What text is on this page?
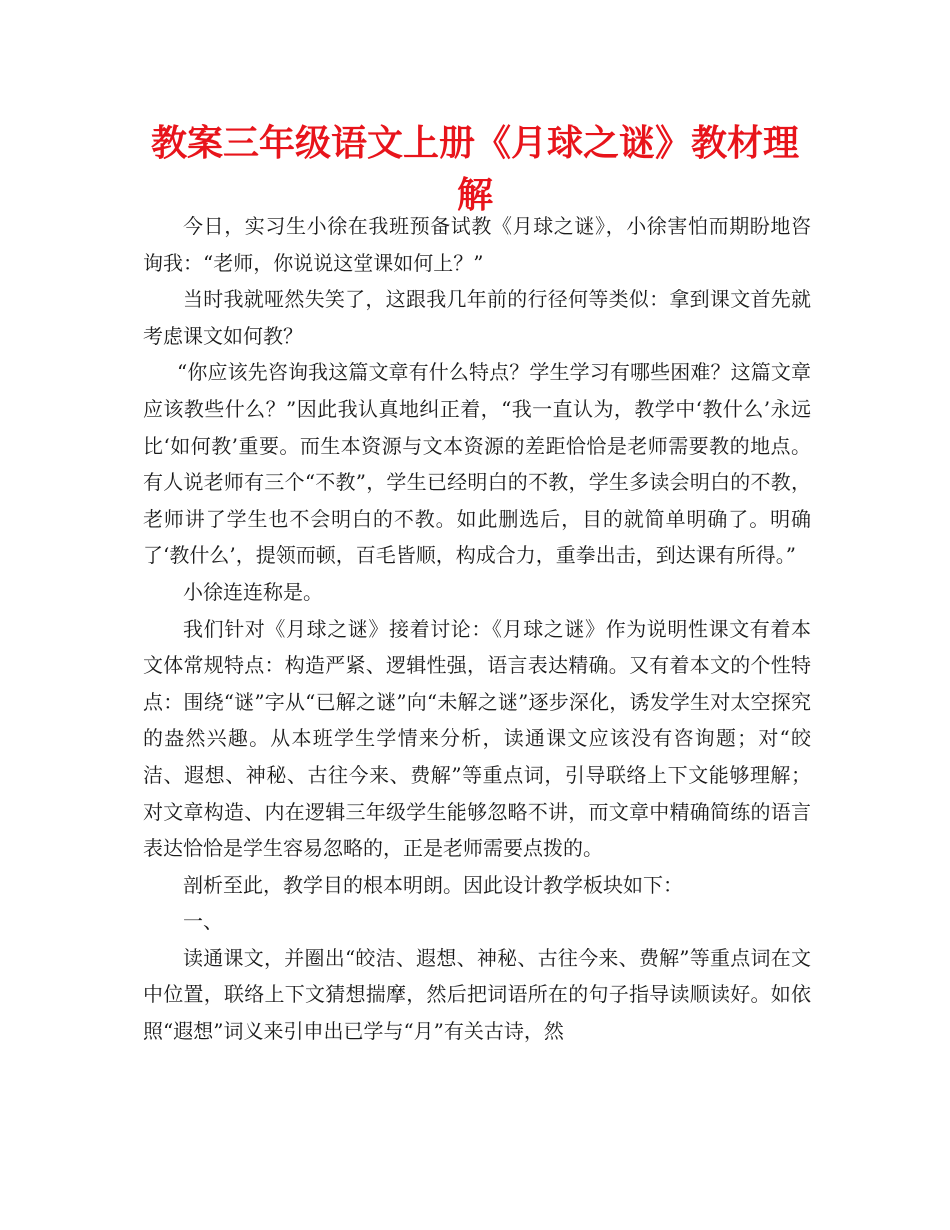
教案三年级语文上册《月球之谜》教材理解

今日，实习生小徐在我班预备试教《月球之谜》，小徐害怕而期盼地咨询我：“老师，你说说这堂课如何上？”

当时我就哑然失笑了，这跟我几年前的行径何等类似：拿到课文首先就考虑课文如何教？

“你应该先咨询我这篇文章有什么特点？学生学习有哪些困难？这篇文章应该教些什么？”因此我认真地纠正着，“我一直认为，教学中‘教什么’永远比‘如何教’重要。而生本资源与文本资源的差距恰恰是老师需要教的地点。有人说老师有三个“不教”，学生已经明白的不教，学生多读会明白的不教，老师讲了学生也不会明白的不教。如此删选后，目的就简单明确了。明确了‘教什么’，提领而顿，百毛皆顺，构成合力，重拳出击，到达课有所得。”

小徐连连称是。

我们针对《月球之谜》接着讨论：《月球之谜》作为说明性课文有着本文体常规特点：构造严紧、逻辑性强，语言表达精确。又有着本文的个性特点：围绕“谜”字从“已解之谜”向“未解之谜”逐步深化，诱发学生对太空探究的盎然兴趣。从本班学生学情来分析，读通课文应该没有咨询题；对“皎洁、遐想、神秘、古往今来、费解”等重点词，引导联络上下文能够理解；对文章构造、内在逻辑三年级学生能够忽略不讲，而文章中精确简练的语言表达恰恰是学生容易忽略的，正是老师需要点拨的。

剖析至此，教学目的根本明朗。因此设计教学板块如下：

一、

读通课文，并圈出“皎洁、遐想、神秘、古往今来、费解”等重点词在文中位置，联络上下文猜想揣摩，然后把词语所在的句子指导读顺读好。如依照“遐想”词义来引申出已学与“月”有关古诗，然
